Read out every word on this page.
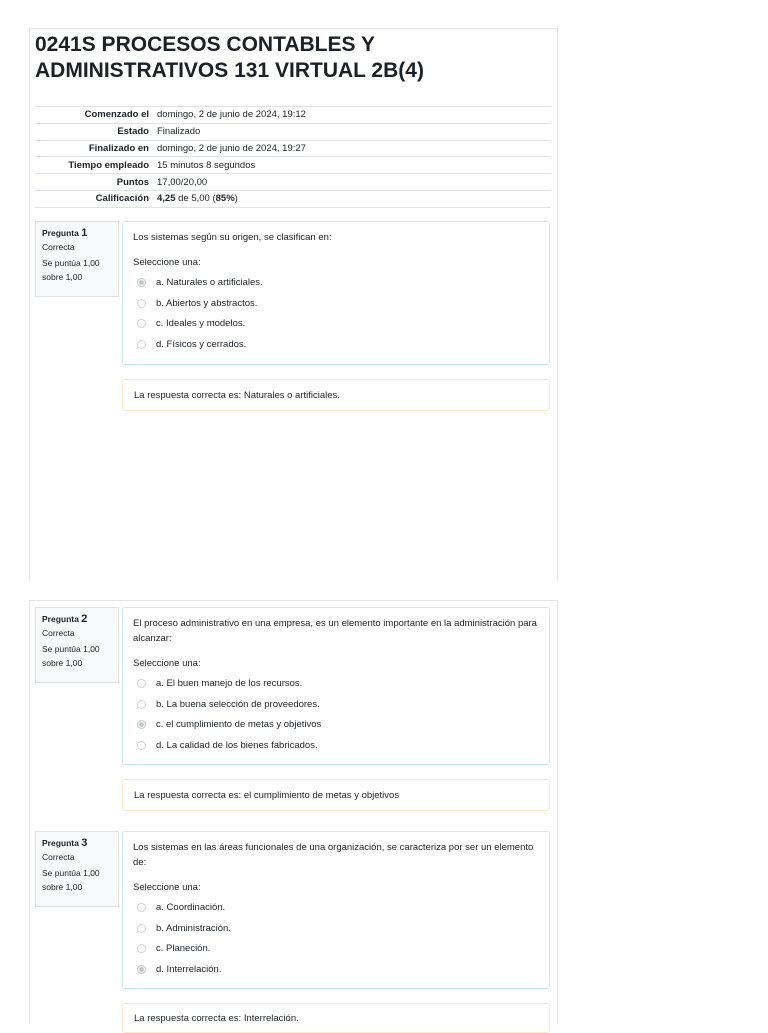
0241S PROCESOS CONTABLES Y ADMINISTRATIVOS 131 VIRTUAL 2B(4)
Comenzado el	domingo, 2 de junio de 2024, 19:12
Estado	Finalizado
Finalizado en	domingo, 2 de junio de 2024, 19:27
Tiempo empleado	15 minutos 8 segundos
Puntos	17,00/20,00
Calificación	4,25 de 5,00 (85%)
Pregunta 1
Correcta
Se puntúa 1,00 sobre 1,00

Los sistemas según su origen, se clasifican en:

Seleccione una:

a. Naturales o artificiales.
b. Abiertos y abstractos.
c. Ideales y modelos.
d. Físicos y cerrados.
La respuesta correcta es: Naturales o artificiales.
Pregunta 2
Correcta
Se puntúa 1,00 sobre 1,00

El proceso administrativo en una empresa, es un elemento importante en la administración para alcanzar:

Seleccione una:

a. El buen manejo de los recursos.
b. La buena selección de proveedores.
c. el cumplimiento de metas y objetivos
d. La calidad de los bienes fabricados.
La respuesta correcta es: el cumplimiento de metas y objetivos
Pregunta 3
Correcta
Se puntúa 1,00 sobre 1,00

Los sistemas en las áreas funcionales de una organización, se caracteriza por ser un elemento de:

Seleccione una:

a. Coordinación.
b. Administración.
c. Planeción.
d. Interrelación.
La respuesta correcta es: Interrelación.
